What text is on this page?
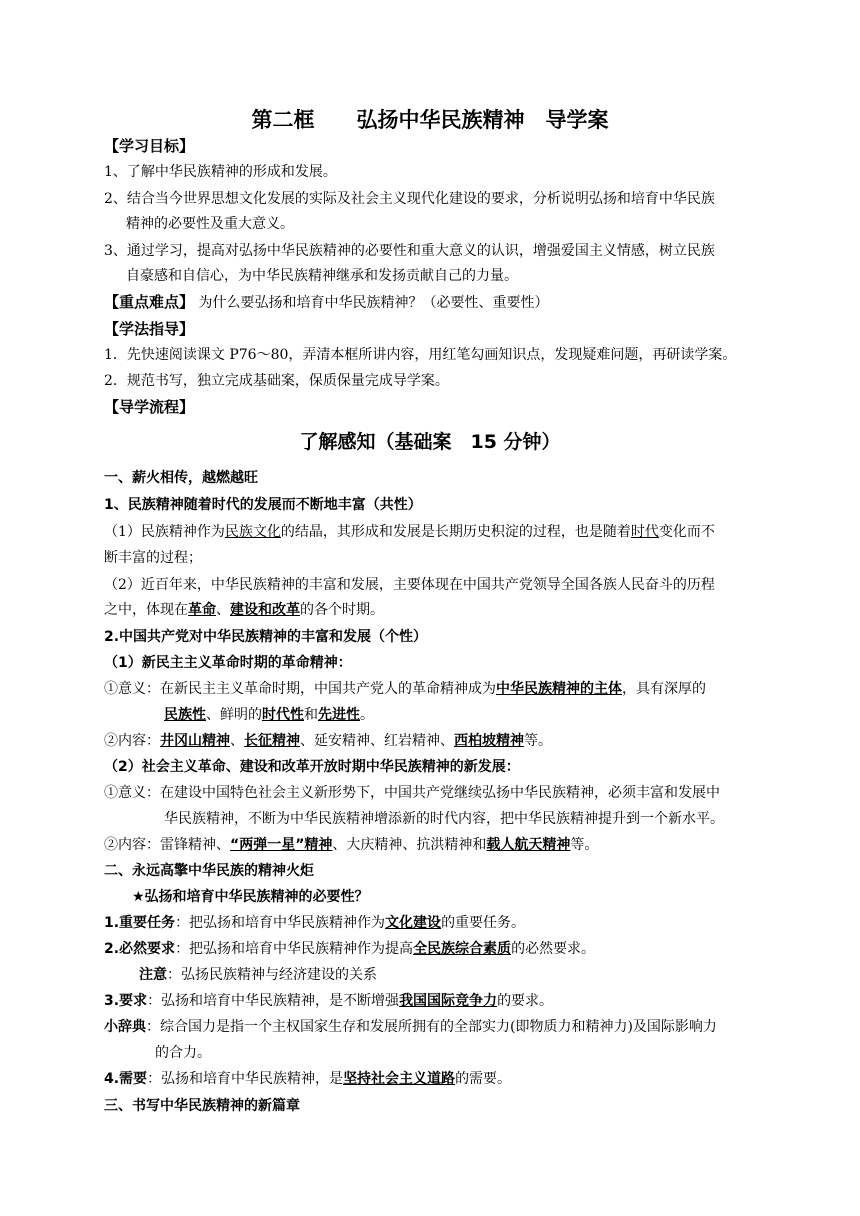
第二框　　弘扬中华民族精神　导学案
【学习目标】
1、了解中华民族精神的形成和发展。
2、结合当今世界思想文化发展的实际及社会主义现代化建设的要求，分析说明弘扬和培育中华民族
精神的必要性及重大意义。
3、通过学习，提高对弘扬中华民族精神的必要性和重大意义的认识，增强爱国主义情感，树立民族
自豪感和自信心，为中华民族精神继承和发扬贡献自己的力量。
【重点难点】 为什么要弘扬和培育中华民族精神？（必要性、重要性）
【学法指导】
1．先快速阅读课文 P76～80，弄清本框所讲内容，用红笔勾画知识点，发现疑难问题，再研读学案。
2．规范书写，独立完成基础案，保质保量完成导学案。
【导学流程】
了解感知（基础案　15 分钟）
一、薪火相传，越燃越旺
1、民族精神随着时代的发展而不断地丰富（共性）
（1）民族精神作为民族文化的结晶，其形成和发展是长期历史积淀的过程，也是随着时代变化而不
断丰富的过程；
（2）近百年来，中华民族精神的丰富和发展，主要体现在中国共产党领导全国各族人民奋斗的历程
之中，体现在革命、建设和改革的各个时期。
2.中国共产党对中华民族精神的丰富和发展（个性）
（1）新民主主义革命时期的革命精神：
①意义：在新民主主义革命时期，中国共产党人的革命精神成为中华民族精神的主体，具有深厚的
民族性、鲜明的时代性和先进性。
②内容：井冈山精神、长征精神、延安精神、红岩精神、西柏坡精神等。
（2）社会主义革命、建设和改革开放时期中华民族精神的新发展：
①意义：在建设中国特色社会主义新形势下，中国共产党继续弘扬中华民族精神，必须丰富和发展中
华民族精神，不断为中华民族精神增添新的时代内容，把中华民族精神提升到一个新水平。
②内容：雷锋精神、“两弹一星”精神、大庆精神、抗洪精神和载人航天精神等。
二、永远高擎中华民族的精神火炬
★弘扬和培育中华民族精神的必要性？
1.重要任务：把弘扬和培育中华民族精神作为文化建设的重要任务。
2.必然要求：把弘扬和培育中华民族精神作为提高全民族综合素质的必然要求。
注意：弘扬民族精神与经济建设的关系
3.要求：弘扬和培育中华民族精神，是不断增强我国国际竞争力的要求。
小辞典：综合国力是指一个主权国家生存和发展所拥有的全部实力(即物质力和精神力)及国际影响力
的合力。
4.需要：弘扬和培育中华民族精神，是坚持社会主义道路的需要。
三、书写中华民族精神的新篇章
